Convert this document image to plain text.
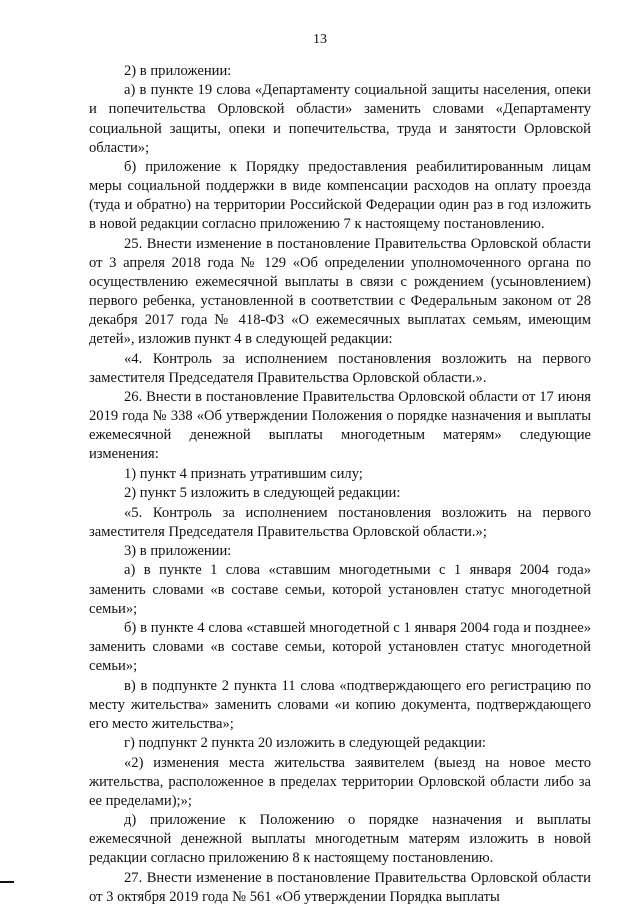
13

2) в приложении:

а) в пункте 19 слова «Департаменту социальной защиты населения, опеки и попечительства Орловской области» заменить словами «Департаменту социальной защиты, опеки и попечительства, труда и занятости Орловской области»;

б) приложение к Порядку предоставления реабилитированным лицам меры социальной поддержки в виде компенсации расходов на оплату проезда (туда и обратно) на территории Российской Федерации один раз в год изложить в новой редакции согласно приложению 7 к настоящему постановлению.

25. Внести изменение в постановление Правительства Орловской области от 3 апреля 2018 года № 129 «Об определении уполномоченного органа по осуществлению ежемесячной выплаты в связи с рождением (усыновлением) первого ребенка, установленной в соответствии с Федеральным законом от 28 декабря 2017 года № 418-ФЗ «О ежемесячных выплатах семьям, имеющим детей», изложив пункт 4 в следующей редакции:

«4. Контроль за исполнением постановления возложить на первого заместителя Председателя Правительства Орловской области.».

26. Внести в постановление Правительства Орловской области от 17 июня 2019 года № 338 «Об утверждении Положения о порядке назначения и выплаты ежемесячной денежной выплаты многодетным матерям» следующие изменения:

1) пункт 4 признать утратившим силу;

2) пункт 5 изложить в следующей редакции:

«5. Контроль за исполнением постановления возложить на первого заместителя Председателя Правительства Орловской области.»;

3) в приложении:

а) в пункте 1 слова «ставшим многодетными с 1 января 2004 года» заменить словами «в составе семьи, которой установлен статус многодетной семьи»;

б) в пункте 4 слова «ставшей многодетной с 1 января 2004 года и позднее» заменить словами «в составе семьи, которой установлен статус многодетной семьи»;

в) в подпункте 2 пункта 11 слова «подтверждающего его регистрацию по месту жительства» заменить словами «и копию документа, подтверждающего его место жительства»;

г) подпункт 2 пункта 20 изложить в следующей редакции:

«2) изменения места жительства заявителем (выезд на новое место жительства, расположенное в пределах территории Орловской области либо за ее пределами);»;

д) приложение к Положению о порядке назначения и выплаты ежемесячной денежной выплаты многодетным матерям изложить в новой редакции согласно приложению 8 к настоящему постановлению.

27. Внести изменение в постановление Правительства Орловской области от 3 октября 2019 года № 561 «Об утверждении Порядка выплаты
